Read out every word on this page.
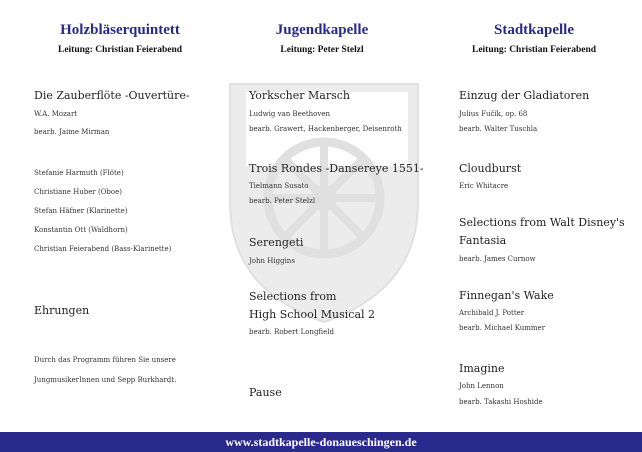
Holzbläserquintett
Leitung: Christian Feierabend
Die Zauberflöte -Ouvertüre-
W.A. Mozart
bearb. Jaime Mirman
Stefanie Harmuth (Flöte)
Christiane Huber (Oboe)
Stefan Häfner (Klarinette)
Konstantin Ott (Waldhorn)
Christian Feierabend (Bass-Klarinette)
Ehrungen
Durch das Programm führen Sie unsere
JungmusikerInnen und Sepp Burkhardt.
Jugendkapelle
Leitung: Peter Stelzl
Yorkscher Marsch
Ludwig van Beethoven
bearb. Grawert, Hackenberger, Deisenroth
Trois Rondes -Dansereye 1551-
Tielmann Susato
bearb. Peter Stelzl
Serengeti
John Higgins
Selections from
High School Musical 2
bearb. Robert Longfield
Pause
Stadtkapelle
Leitung: Christian Feierabend
Einzug der Gladiatoren
Julius Fučík, op. 68
bearb. Walter Tuschla
Cloudburst
Eric Whitacre
Selections from Walt Disney's
Fantasia
bearb. James Curnow
Finnegan's Wake
Archibald J. Potter
bearb. Michael Kummer
Imagine
John Lennon
bearb. Takashi Hoshide
www.stadtkapelle-donaueschingen.de
